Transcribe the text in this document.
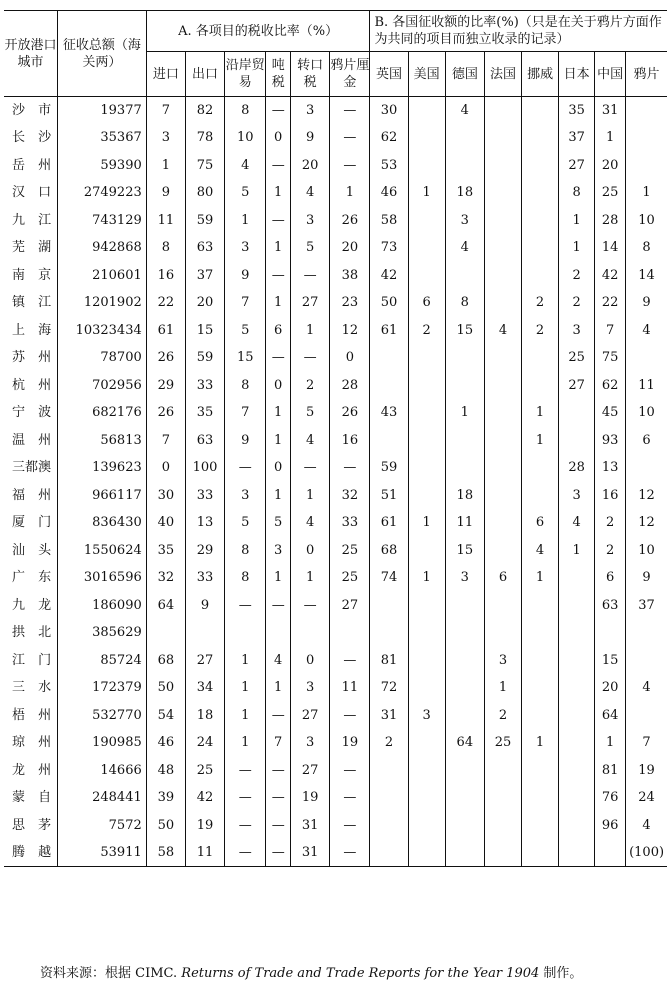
开放港口城市	征收总额（海关两）	A. 各项目的税收比率（%）						B. 各国征收额的比率(%)（只是在关于鸦片方面作为共同的项目而独立收录的记录）							
		进口	出口	沿岸贸易	吨税	转口税	鸦片厘金	英国	美国	德国	法国	挪威	日本	中国	鸦片
沙市	19377	7	82	8	—	3	—	30		4			35	31	
长沙	35367	3	78	10	0	9	—	62					37	1	
岳州	59390	1	75	4	—	20	—	53					27	20	
汉口	2749223	9	80	5	1	4	1	46	1	18			8	25	1
九江	743129	11	59	1	—	3	26	58		3			1	28	10
芜湖	942868	8	63	3	1	5	20	73		4			1	14	8
南京	210601	16	37	9	—	—	38	42					2	42	14
镇江	1201902	22	20	7	1	27	23	50	6	8		2	2	22	9
上海	10323434	61	15	5	6	1	12	61	2	15	4	2	3	7	4
苏州	78700	26	59	15	—	—	0						25	75	
杭州	702956	29	33	8	0	2	28						27	62	11
宁波	682176	26	35	7	1	5	26	43		1		1		45	10
温州	56813	7	63	9	1	4	16					1		93	6
三都澳	139623	0	100	—	0	—	—	59					28	13	
福州	966117	30	33	3	1	1	32	51		18			3	16	12
厦门	836430	40	13	5	5	4	33	61	1	11		6	4	2	12
汕头	1550624	35	29	8	3	0	25	68		15		4	1	2	10
广东	3016596	32	33	8	1	1	25	74	1	3	6	1		6	9
九龙	186090	64	9	—	—	—	27							63	37
拱北	385629														
江门	85724	68	27	1	4	0	—	81			3			15	
三水	172379	50	34	1	1	3	11	72			1			20	4
梧州	532770	54	18	1	—	27	—	31	3		2			64	
琼州	190985	46	24	1	7	3	19	2		64	25	1		1	7
龙州	14666	48	25	—	—	27	—							81	19
蒙自	248441	39	42	—	—	19	—							76	24
思茅	7572	50	19	—	—	31	—							96	4
腾越	53911	58	11	—	—	31	—								(100)
资料来源：根据 CIMC. Returns of Trade and Trade Reports for the Year 1904 制作。
